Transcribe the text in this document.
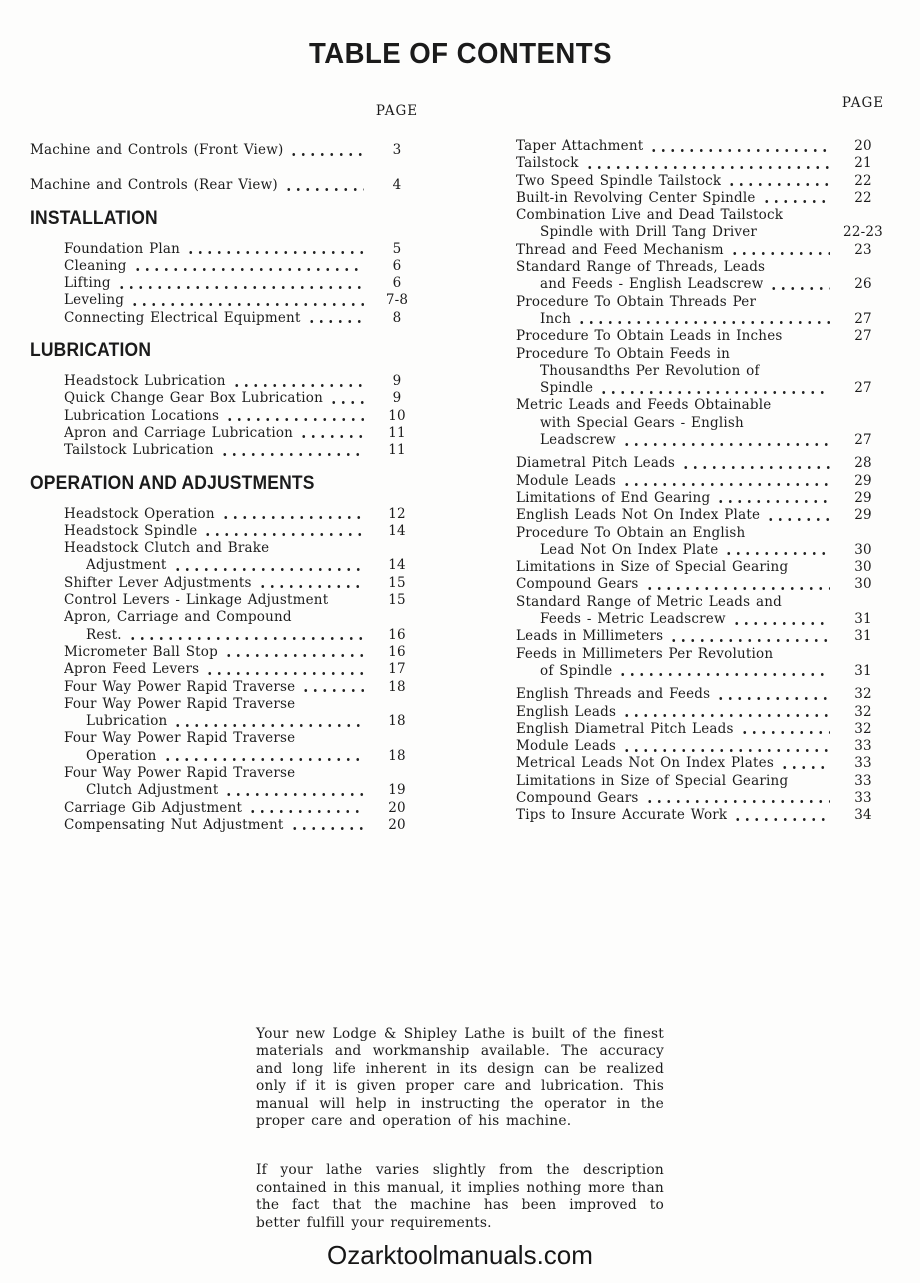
TABLE OF CONTENTS
PAGE
Machine and Controls (Front View)	3
Machine and Controls (Rear View)	4
INSTALLATION
Foundation Plan	5
Cleaning	6
Lifting	6
Leveling	7-8
Connecting Electrical Equipment	8
LUBRICATION
Headstock Lubrication	9
Quick Change Gear Box Lubrication	9
Lubrication Locations	10
Apron and Carriage Lubrication	11
Tailstock Lubrication	11
OPERATION AND ADJUSTMENTS
Headstock Operation	12
Headstock Spindle	14
Headstock Clutch and Brake
Adjustment	14
Shifter Lever Adjustments	15
Control Levers - Linkage Adjustment	15
Apron, Carriage and Compound
Rest.	16
Micrometer Ball Stop	16
Apron Feed Levers	17
Four Way Power Rapid Traverse	18
Four Way Power Rapid Traverse
Lubrication	18
Four Way Power Rapid Traverse
Operation	18
Four Way Power Rapid Traverse
Clutch Adjustment	19
Carriage Gib Adjustment	20
Compensating Nut Adjustment	20
PAGE
Taper Attachment	20
Tailstock	21
Two Speed Spindle Tailstock	22
Built-in Revolving Center Spindle	22
Combination Live and Dead Tailstock
Spindle with Drill Tang Driver	22-23
Thread and Feed Mechanism	23
Standard Range of Threads, Leads
and Feeds - English Leadscrew	26
Procedure To Obtain Threads Per
Inch	27
Procedure To Obtain Leads in Inches	27
Procedure To Obtain Feeds in
Thousandths Per Revolution of
Spindle	27
Metric Leads and Feeds Obtainable
with Special Gears - English
Leadscrew	27
Diametral Pitch Leads	28
Module Leads	29
Limitations of End Gearing	29
English Leads Not On Index Plate	29
Procedure To Obtain an English
Lead Not On Index Plate	30
Limitations in Size of Special Gearing	30
Compound Gears	30
Standard Range of Metric Leads and
Feeds - Metric Leadscrew	31
Leads in Millimeters	31
Feeds in Millimeters Per Revolution
of Spindle	31
English Threads and Feeds	32
English Leads	32
English Diametral Pitch Leads	32
Module Leads	33
Metrical Leads Not On Index Plates	33
Limitations in Size of Special Gearing	33
Compound Gears	33
Tips to Insure Accurate Work	34

Your new Lodge & Shipley Lathe is built of the finest materials and workmanship available. The accuracy and long life inherent in its design can be realized only if it is given proper care and lubrication. This manual will help in instructing the operator in the proper care and operation of his machine.

If your lathe varies slightly from the description contained in this manual, it implies nothing more than the fact that the machine has been improved to better fulfill your requirements.

Ozarktoolmanuals.com
